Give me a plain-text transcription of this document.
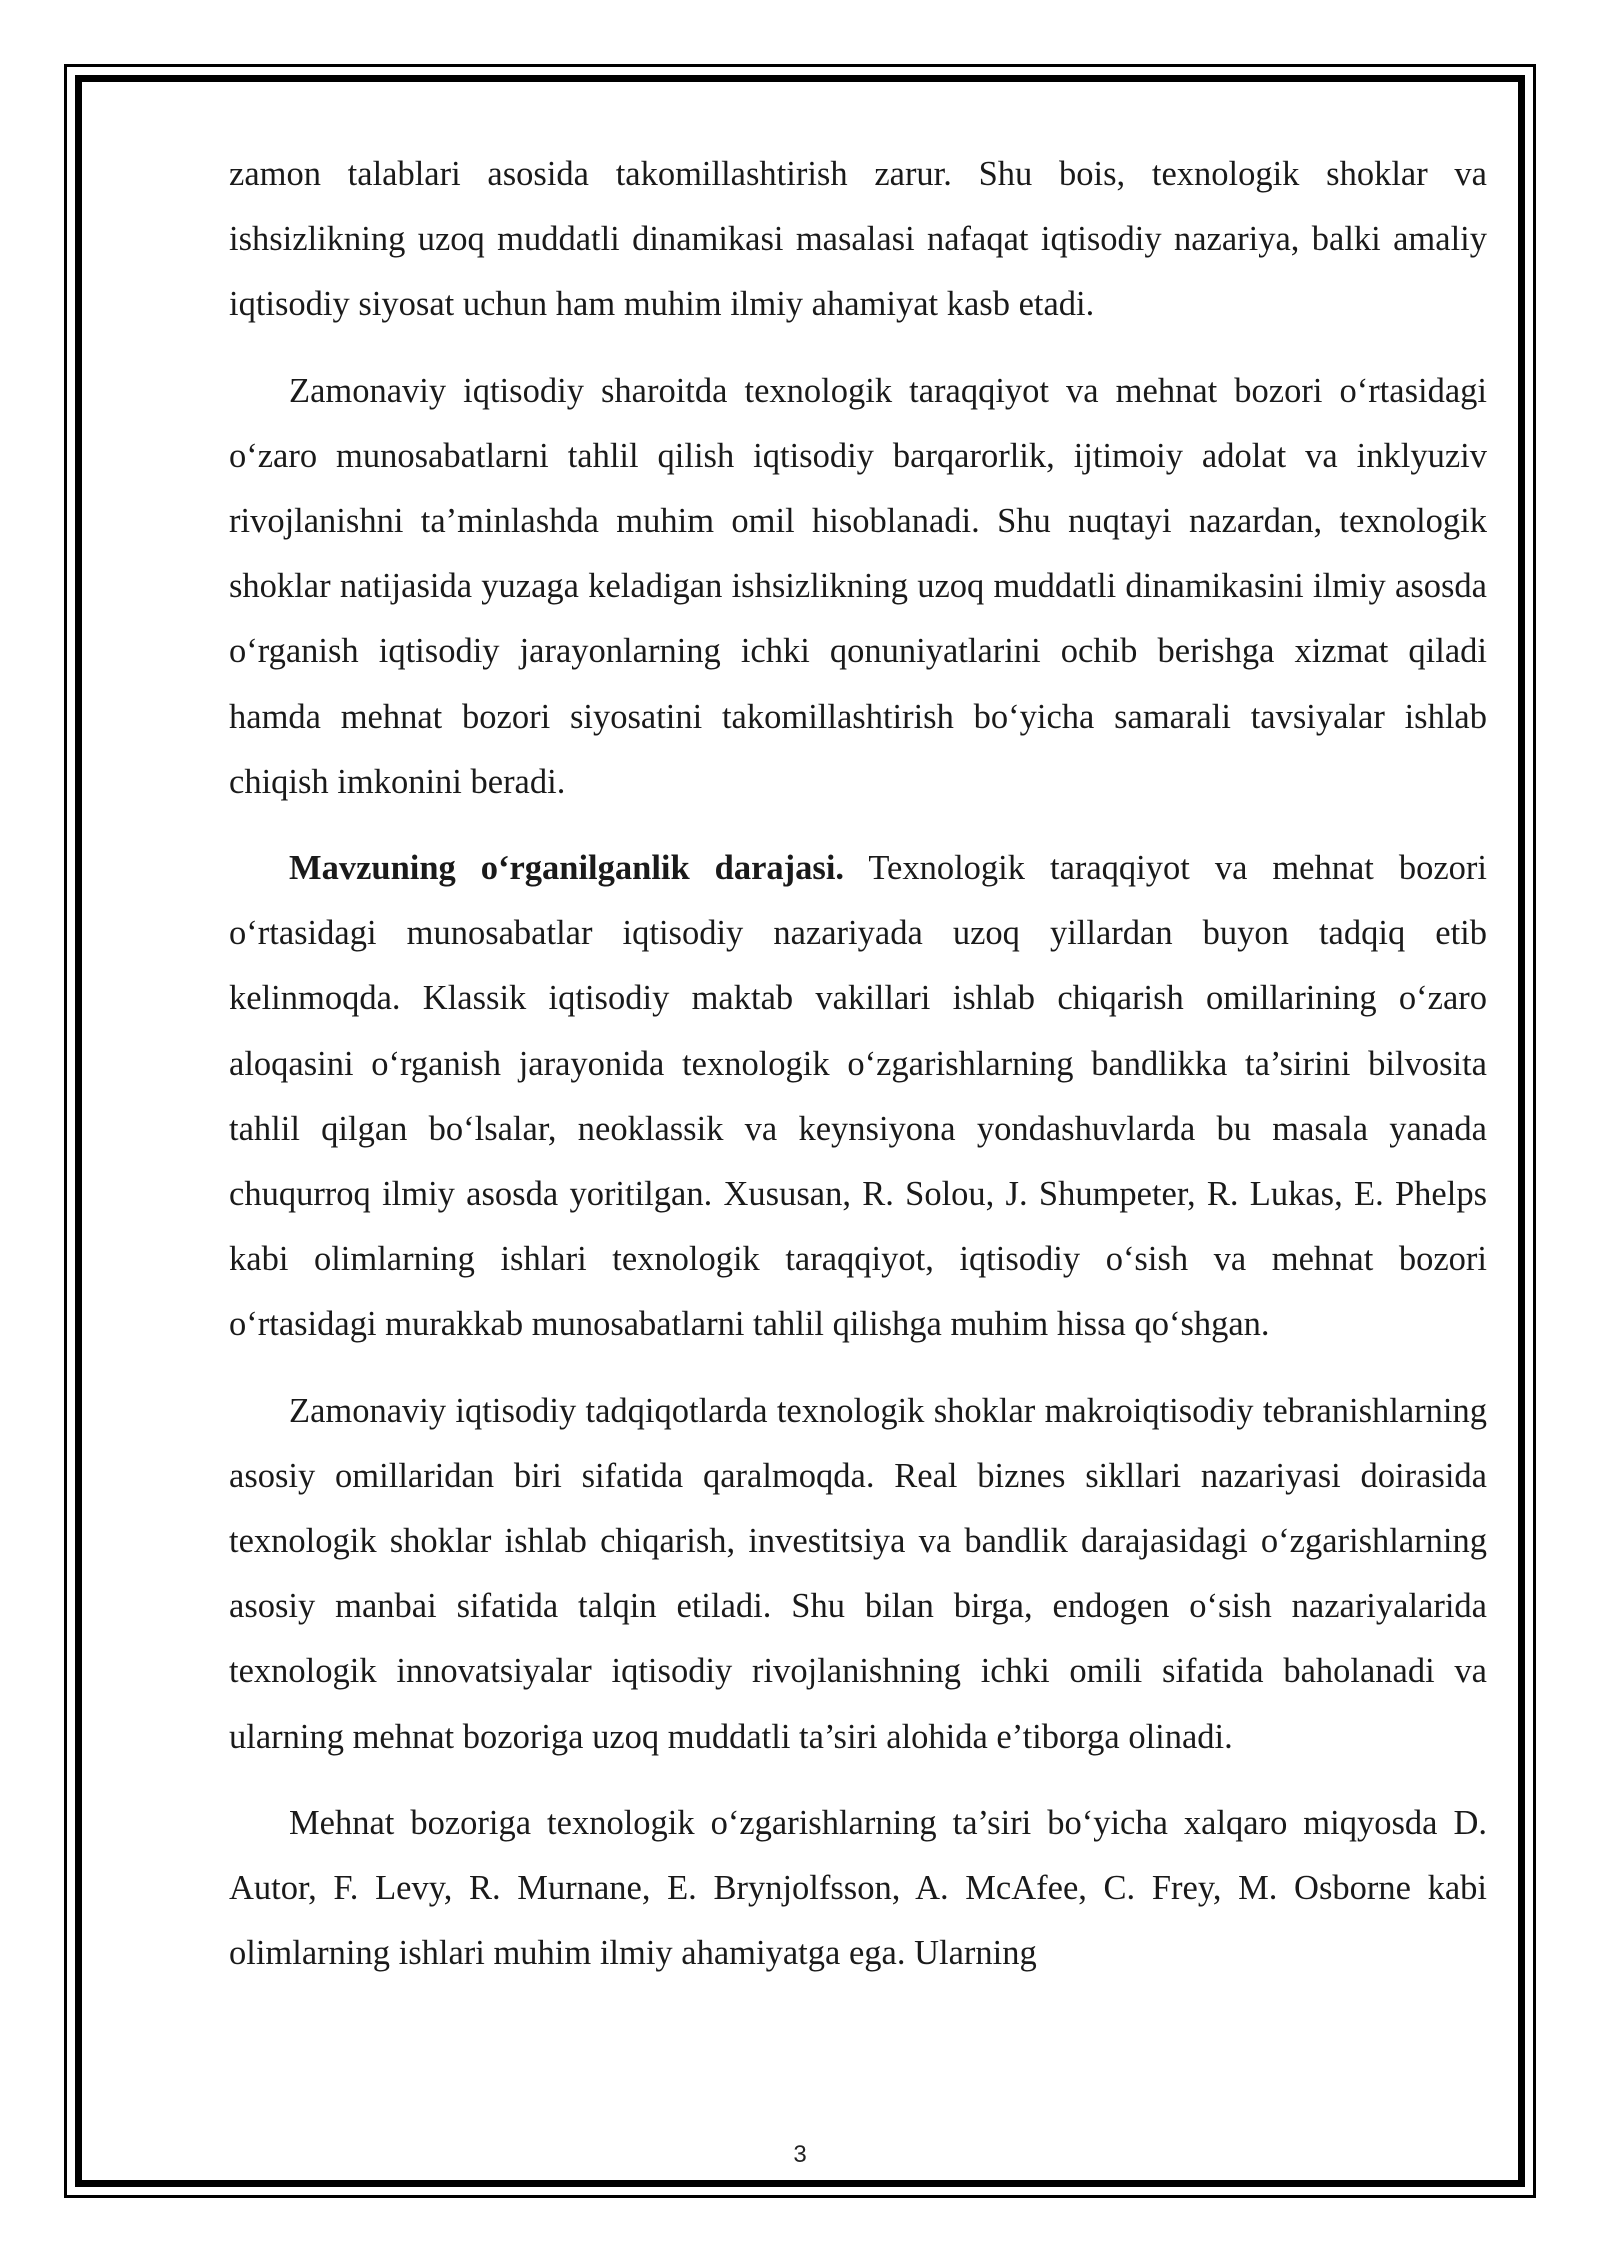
zamon talablari asosida takomillashtirish zarur. Shu bois, texnologik shoklar va ishsizlikning uzoq muddatli dinamikasi masalasi nafaqat iqtisodiy nazariya, balki amaliy iqtisodiy siyosat uchun ham muhim ilmiy ahamiyat kasb etadi.

Zamonaviy iqtisodiy sharoitda texnologik taraqqiyot va mehnat bozori oʻrtasidagi oʻzaro munosabatlarni tahlil qilish iqtisodiy barqarorlik, ijtimoiy adolat va inklyuziv rivojlanishni ta’minlashda muhim omil hisoblanadi. Shu nuqtayi nazardan, texnologik shoklar natijasida yuzaga keladigan ishsizlikning uzoq muddatli dinamikasini ilmiy asosda oʻrganish iqtisodiy jarayonlarning ichki qonuniyatlarini ochib berishga xizmat qiladi hamda mehnat bozori siyosatini takomillashtirish boʻyicha samarali tavsiyalar ishlab chiqish imkonini beradi.

Mavzuning oʻrganilganlik darajasi. Texnologik taraqqiyot va mehnat bozori oʻrtasidagi munosabatlar iqtisodiy nazariyada uzoq yillardan buyon tadqiq etib kelinmoqda. Klassik iqtisodiy maktab vakillari ishlab chiqarish omillarining oʻzaro aloqasini oʻrganish jarayonida texnologik oʻzgarishlarning bandlikka ta’sirini bilvosita tahlil qilgan boʻlsalar, neoklassik va keynsiyona yondashuvlarda bu masala yanada chuqurroq ilmiy asosda yoritilgan. Xususan, R. Solou, J. Shumpeter, R. Lukas, E. Phelps kabi olimlarning ishlari texnologik taraqqiyot, iqtisodiy oʻsish va mehnat bozori oʻrtasidagi murakkab munosabatlarni tahlil qilishga muhim hissa qoʻshgan.

Zamonaviy iqtisodiy tadqiqotlarda texnologik shoklar makroiqtisodiy tebranishlarning asosiy omillaridan biri sifatida qaralmoqda. Real biznes sikllari nazariyasi doirasida texnologik shoklar ishlab chiqarish, investitsiya va bandlik darajasidagi oʻzgarishlarning asosiy manbai sifatida talqin etiladi. Shu bilan birga, endogen oʻsish nazariyalarida texnologik innovatsiyalar iqtisodiy rivojlanishning ichki omili sifatida baholanadi va ularning mehnat bozoriga uzoq muddatli ta’siri alohida e’tiborga olinadi.

Mehnat bozoriga texnologik oʻzgarishlarning ta’siri boʻyicha xalqaro miqyosda D. Autor, F. Levy, R. Murnane, E. Brynjolfsson, A. McAfee, C. Frey, M. Osborne kabi olimlarning ishlari muhim ilmiy ahamiyatga ega. Ularning

3
